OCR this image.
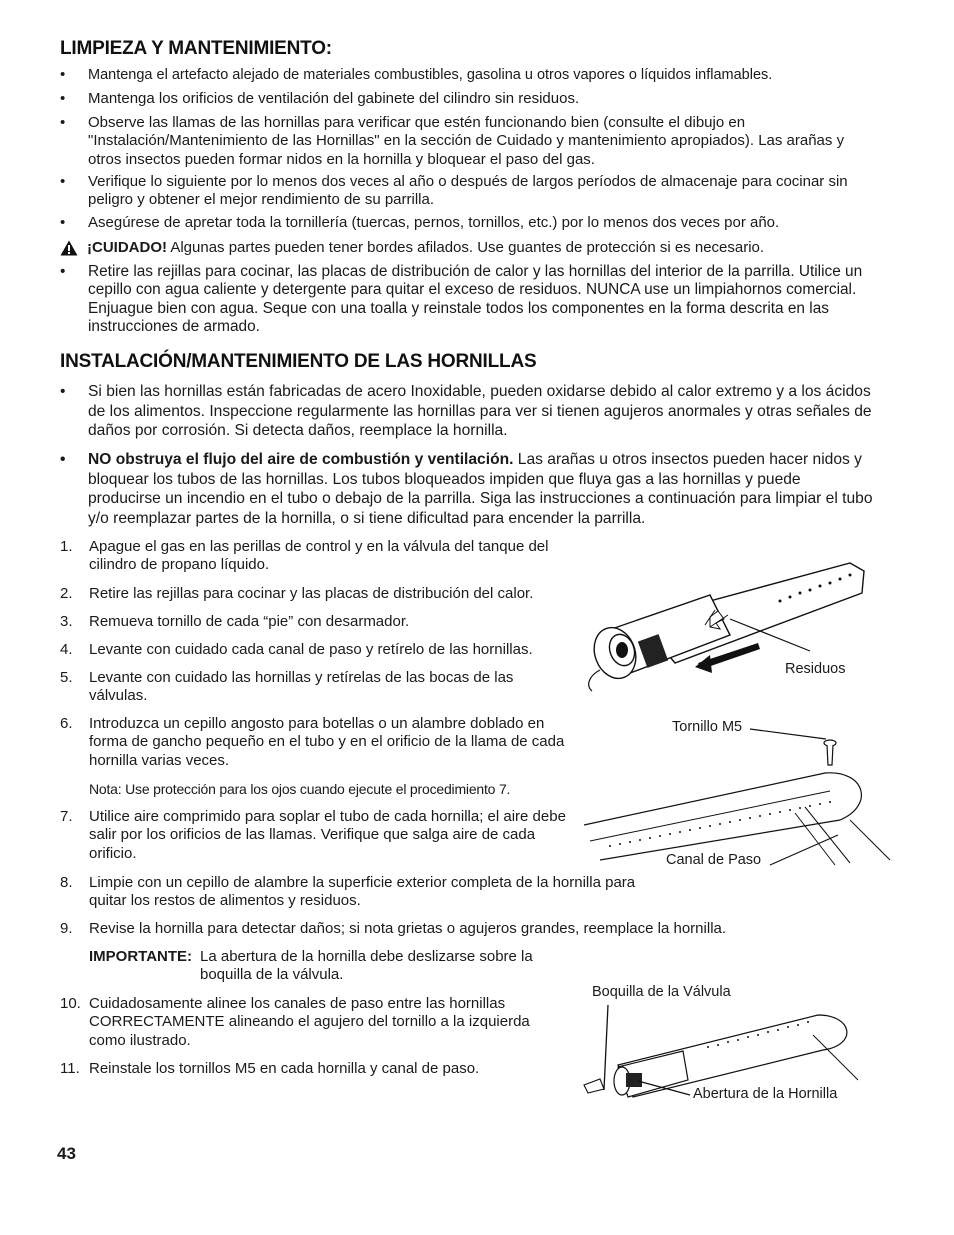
LIMPIEZA Y MANTENIMIENTO:
• Mantenga el artefacto alejado de materiales combustibles, gasolina u otros vapores o líquidos inflamables.
• Mantenga los orificios de ventilación del gabinete del cilindro sin residuos.
• Observe las llamas de las hornillas para verificar que estén funcionando bien (consulte el dibujo en "Instalación/Mantenimiento de las Hornillas" en la sección de Cuidado y mantenimiento apropiados). Las arañas y otros insectos pueden formar nidos en la hornilla y bloquear el paso del gas.
• Verifique lo siguiente por lo menos dos veces al año o después de largos períodos de almacenaje para cocinar sin peligro y obtener el mejor rendimiento de su parrilla.
• Asegúrese de apretar toda la tornillería (tuercas, pernos, tornillos, etc.) por lo menos dos veces por año.
¡CUIDADO! Algunas partes pueden tener bordes afilados. Use guantes de protección si es necesario.
• Retire las rejillas para cocinar, las placas de distribución de calor y las hornillas del interior de la parrilla. Utilice un cepillo con agua caliente y detergente para quitar el exceso de residuos. NUNCA use un limpiahornos comercial. Enjuague bien con agua. Seque con una toalla y reinstale todos los componentes en la forma descrita en las instrucciones de armado.
INSTALACIÓN/MANTENIMIENTO DE LAS HORNILLAS
• Si bien las hornillas están fabricadas de acero Inoxidable, pueden oxidarse debido al calor extremo y a los ácidos de los alimentos. Inspeccione regularmente las hornillas para ver si tienen agujeros anormales y otras señales de daños por corrosión. Si detecta daños, reemplace la hornilla.
• NO obstruya el flujo del aire de combustión y ventilación. Las arañas u otros insectos pueden hacer nidos y bloquear los tubos de las hornillas. Los tubos bloqueados impiden que fluya gas a las hornillas y puede producirse un incendio en el tubo o debajo de la parrilla. Siga las instrucciones a continuación para limpiar el tubo y/o reemplazar partes de la hornilla, o si tiene dificultad para encender la parrilla.
1. Apague el gas en las perillas de control y en la válvula del tanque del cilindro de propano líquido.
2. Retire las rejillas para cocinar y las placas de distribución del calor.
3. Remueva tornillo de cada “pie” con desarmador.
4. Levante con cuidado cada canal de paso y retírelo de las hornillas.
5. Levante con cuidado las hornillas y retírelas de las bocas de las válvulas.
6. Introduzca un cepillo angosto para botellas o un alambre doblado en forma de gancho pequeño en el tubo y en el orificio de la llama de cada hornilla varias veces.
Nota: Use protección para los ojos cuando ejecute el procedimiento 7.
7. Utilice aire comprimido para soplar el tubo de cada hornilla; el aire debe salir por los orificios de las llamas. Verifique que salga aire de cada orificio.
8. Limpie con un cepillo de alambre la superficie exterior completa de la hornilla para quitar los restos de alimentos y residuos.
9. Revise la hornilla para detectar daños; si nota grietas o agujeros grandes, reemplace la hornilla.
IMPORTANTE: La abertura de la hornilla debe deslizarse sobre la boquilla de la válvula.
10. Cuidadosamente alinee los canales de paso entre las hornillas CORRECTAMENTE alineando el agujero del tornillo a la izquierda como ilustrado.
11. Reinstale los tornillos M5 en cada hornilla y canal de paso.
Residuos
Tornillo M5
Canal de Paso
Boquilla de la Válvula
Abertura de la Hornilla
43
